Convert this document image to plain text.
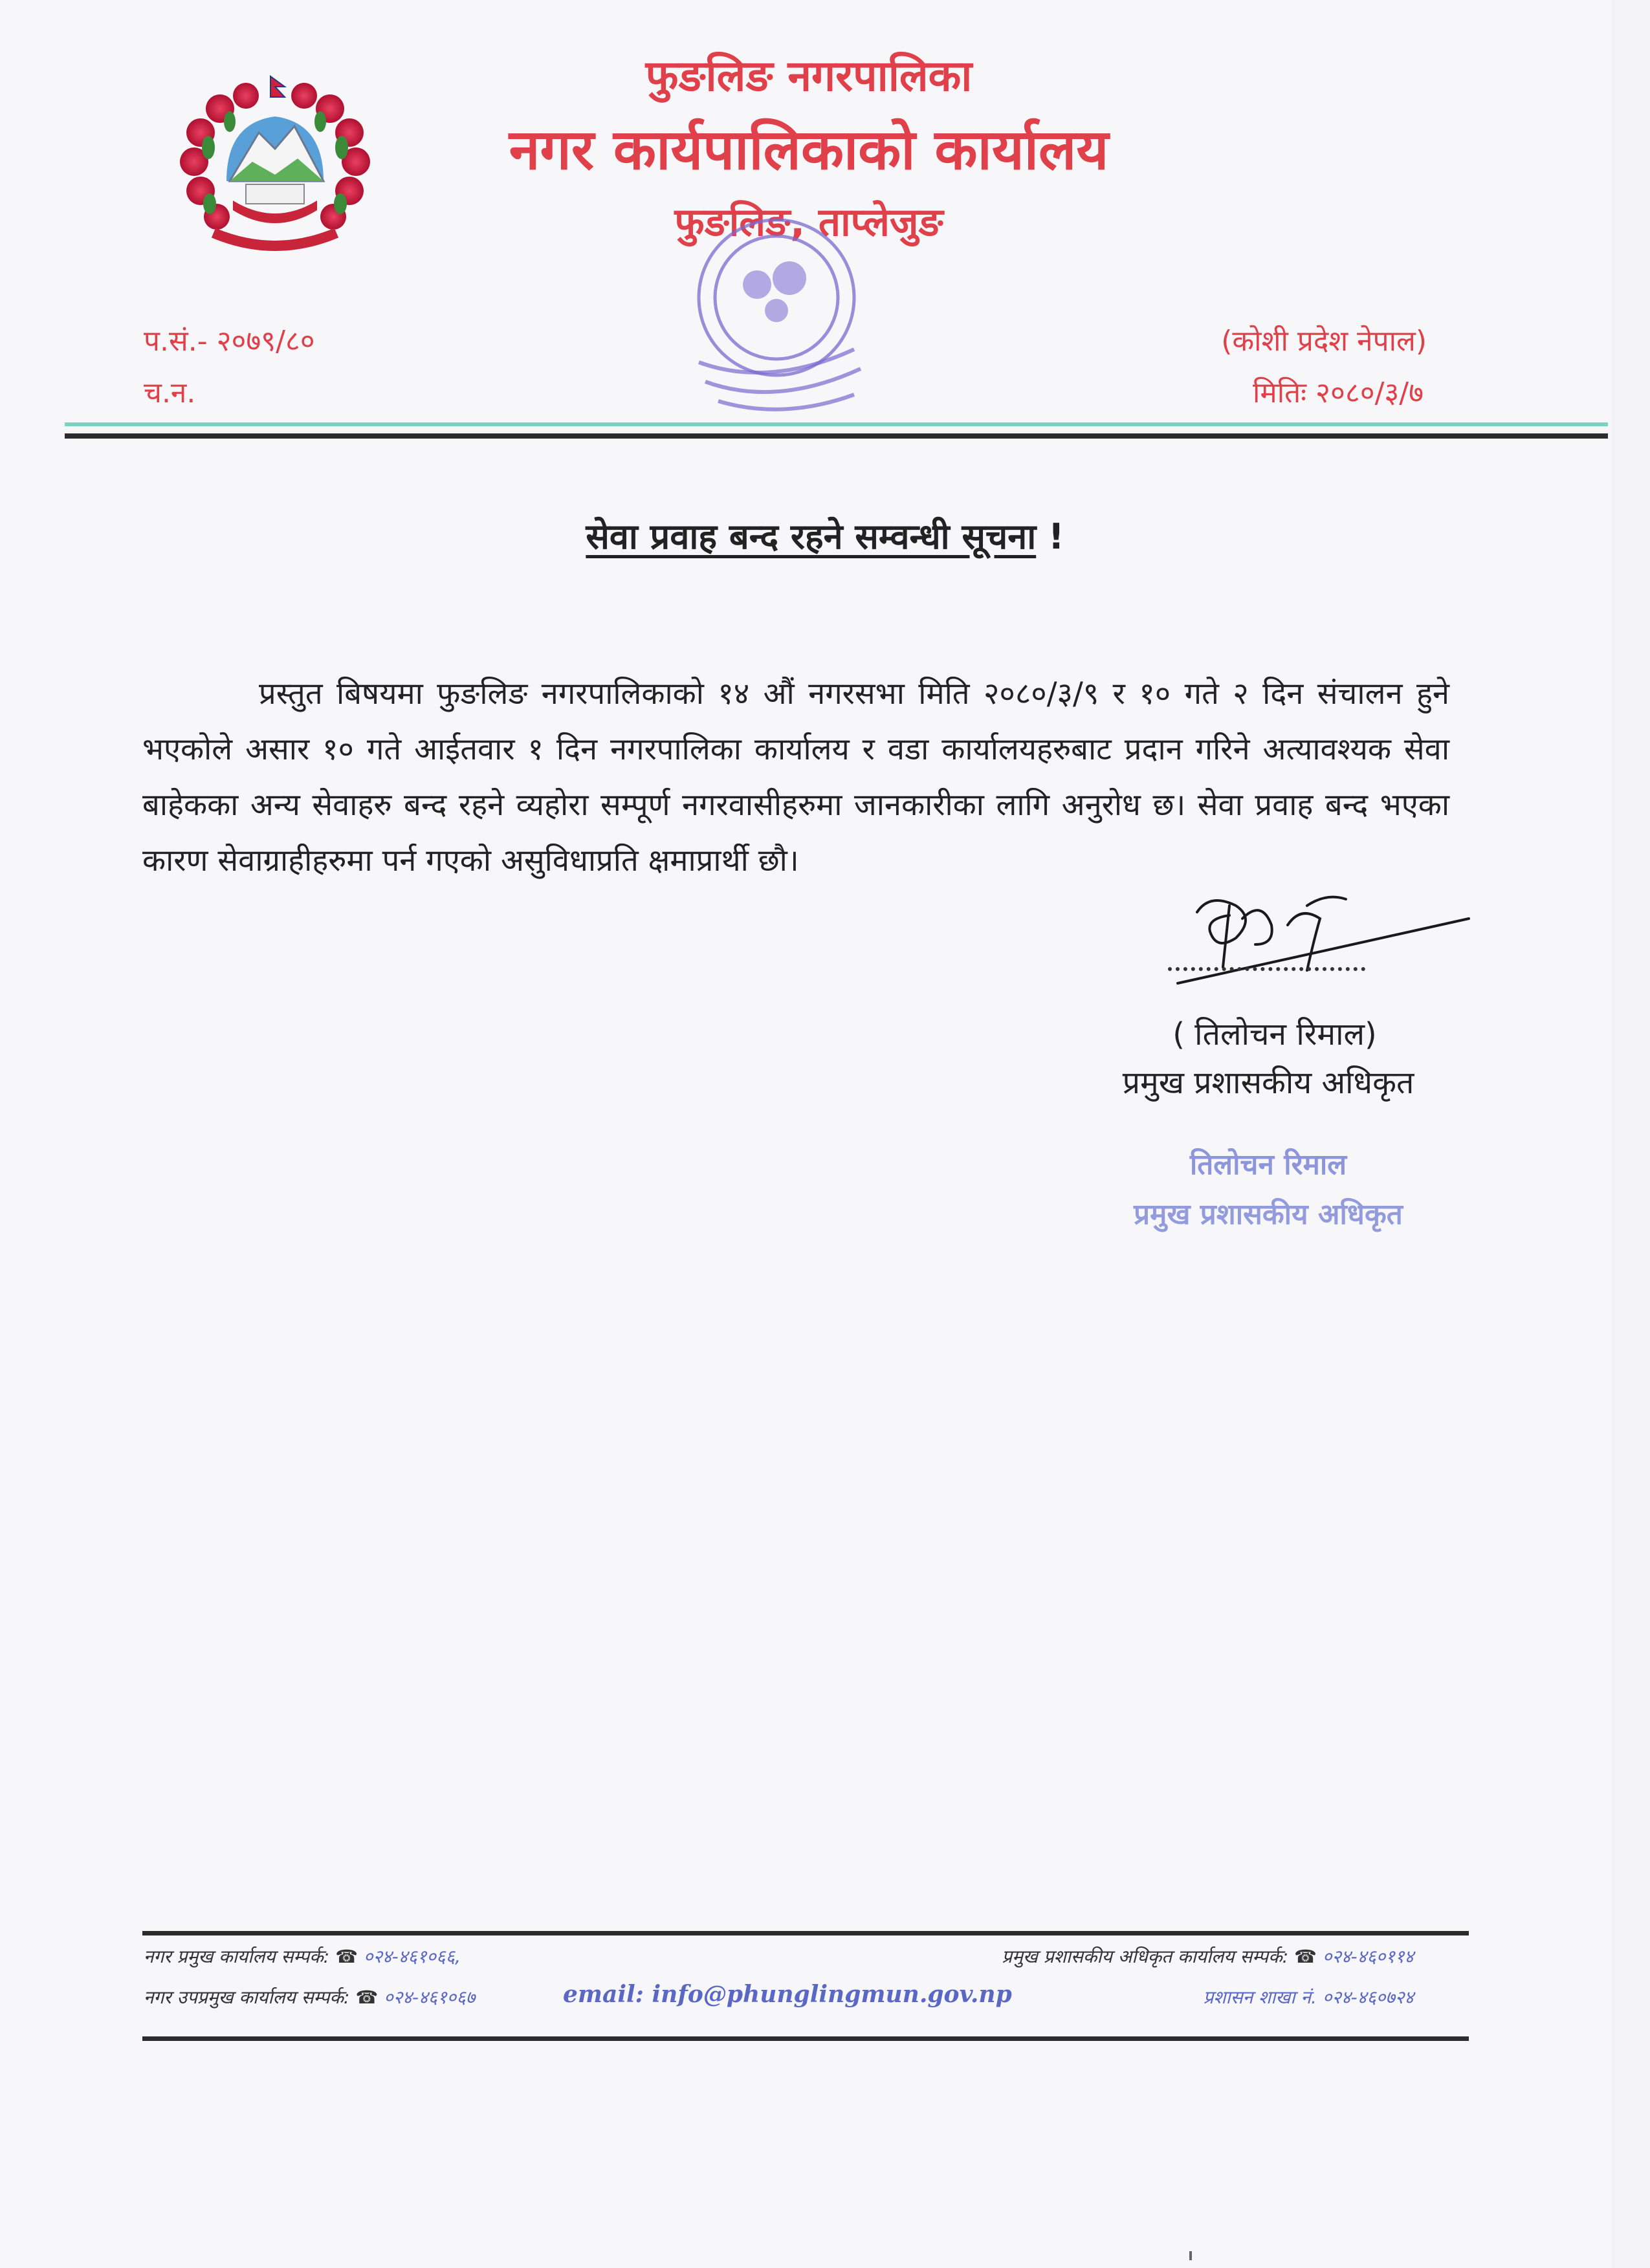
फुङलिङ नगरपालिका
नगर कार्यपालिकाको कार्यालय
फुङलिङ, ताप्लेजुङ
प.सं.- २०७९/८०
च.न.
(कोशी प्रदेश नेपाल)
मितिः २०८०/३/७
सेवा प्रवाह बन्द रहने सम्वन्धी सूचना !

प्रस्तुत बिषयमा फुङलिङ नगरपालिकाको १४ औं नगरसभा मिति २०८०/३/९ र १० गते २ दिन संचालन हुने भएकोले असार १० गते आईतवार १ दिन नगरपालिका कार्यालय र वडा कार्यालयहरुबाट प्रदान गरिने अत्यावश्यक सेवा बाहेकका अन्य सेवाहरु बन्द रहने व्यहोरा सम्पूर्ण नगरवासीहरुमा जानकारीका लागि अनुरोध छ। सेवा प्रवाह बन्द भएका कारण सेवाग्राहीहरुमा पर्न गएको असुविधाप्रति क्षमाप्रार्थी छौ।

( तिलोचन रिमाल)
प्रमुख प्रशासकीय अधिकृत
तिलोचन रिमाल
प्रमुख प्रशासकीय अधिकृत
नगर प्रमुख कार्यालय सम्पर्क: ☎ ०२४-४६१०६६,
नगर उपप्रमुख कार्यालय सम्पर्क: ☎ ०२४-४६१०६७	email: info@phunglingmun.gov.np
प्रमुख प्रशासकीय अधिकृत कार्यालय सम्पर्क: ☎ ०२४-४६०११४
प्रशासन शाखा नं. ०२४-४६०७२४
